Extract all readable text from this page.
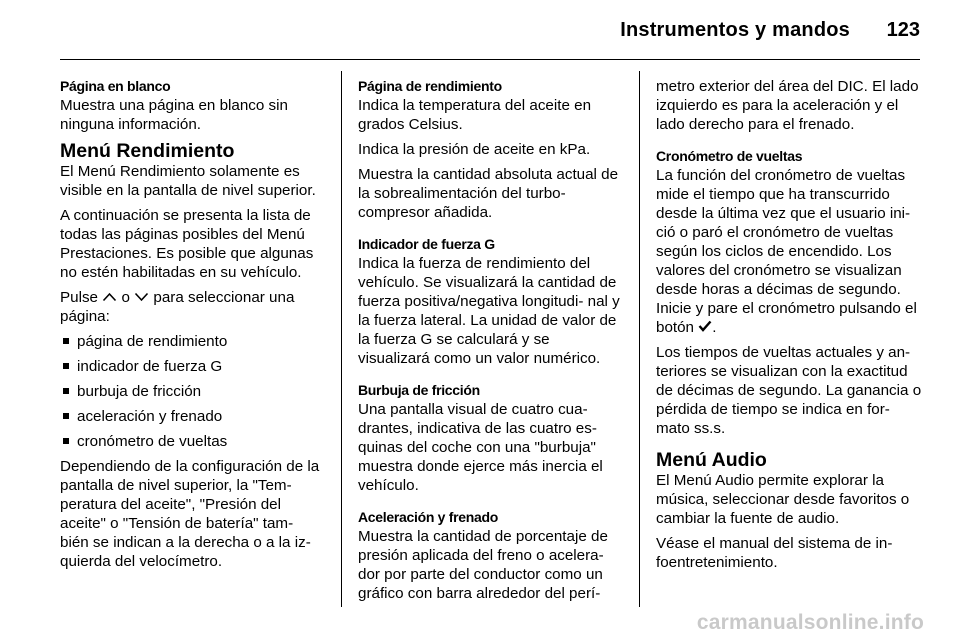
Instrumentos y mandos 123
Página en blanco

Muestra una página en blanco sin ninguna información.

Menú Rendimiento

El Menú Rendimiento solamente es visible en la pantalla de nivel superior.

A continuación se presenta la lista de todas las páginas posibles del Menú Prestaciones. Es posible que algunas no estén habilitadas en su vehículo.

Pulse o para seleccionar una página:

página de rendimiento
indicador de fuerza G
burbuja de fricción
aceleración y frenado
cronómetro de vueltas

Dependiendo de la configuración de la pantalla de nivel superior, la "Tem- peratura del aceite", "Presión del aceite" o "Tensión de batería" tam- bién se indican a la derecha o a la iz- quierda del velocímetro.

Página de rendimiento

Indica la temperatura del aceite en grados Celsius.

Indica la presión de aceite en kPa.

Muestra la cantidad absoluta actual de la sobrealimentación del turbo- compresor añadida.

Indicador de fuerza G

Indica la fuerza de rendimiento del vehículo. Se visualizará la cantidad de fuerza positiva/negativa longitudi- nal y la fuerza lateral. La unidad de valor de la fuerza G se calculará y se visualizará como un valor numérico.

Burbuja de fricción

Una pantalla visual de cuatro cua- drantes, indicativa de las cuatro es- quinas del coche con una "burbuja" muestra donde ejerce más inercia el vehículo.

Aceleración y frenado

Muestra la cantidad de porcentaje de presión aplicada del freno o acelera- dor por parte del conductor como un gráfico con barra alrededor del perí-

metro exterior del área del DIC. El lado izquierdo es para la aceleración y el lado derecho para el frenado.

Cronómetro de vueltas

La función del cronómetro de vueltas mide el tiempo que ha transcurrido desde la última vez que el usuario ini- ció o paró el cronómetro de vueltas según los ciclos de encendido. Los valores del cronómetro se visualizan desde horas a décimas de segundo. Inicie y pare el cronómetro pulsando el botón .

Los tiempos de vueltas actuales y an- teriores se visualizan con la exactitud de décimas de segundo. La ganancia o pérdida de tiempo se indica en for- mato ss.s.

Menú Audio

El Menú Audio permite explorar la música, seleccionar desde favoritos o cambiar la fuente de audio.

Véase el manual del sistema de in- foentretenimiento.

carmanualsonline.info
